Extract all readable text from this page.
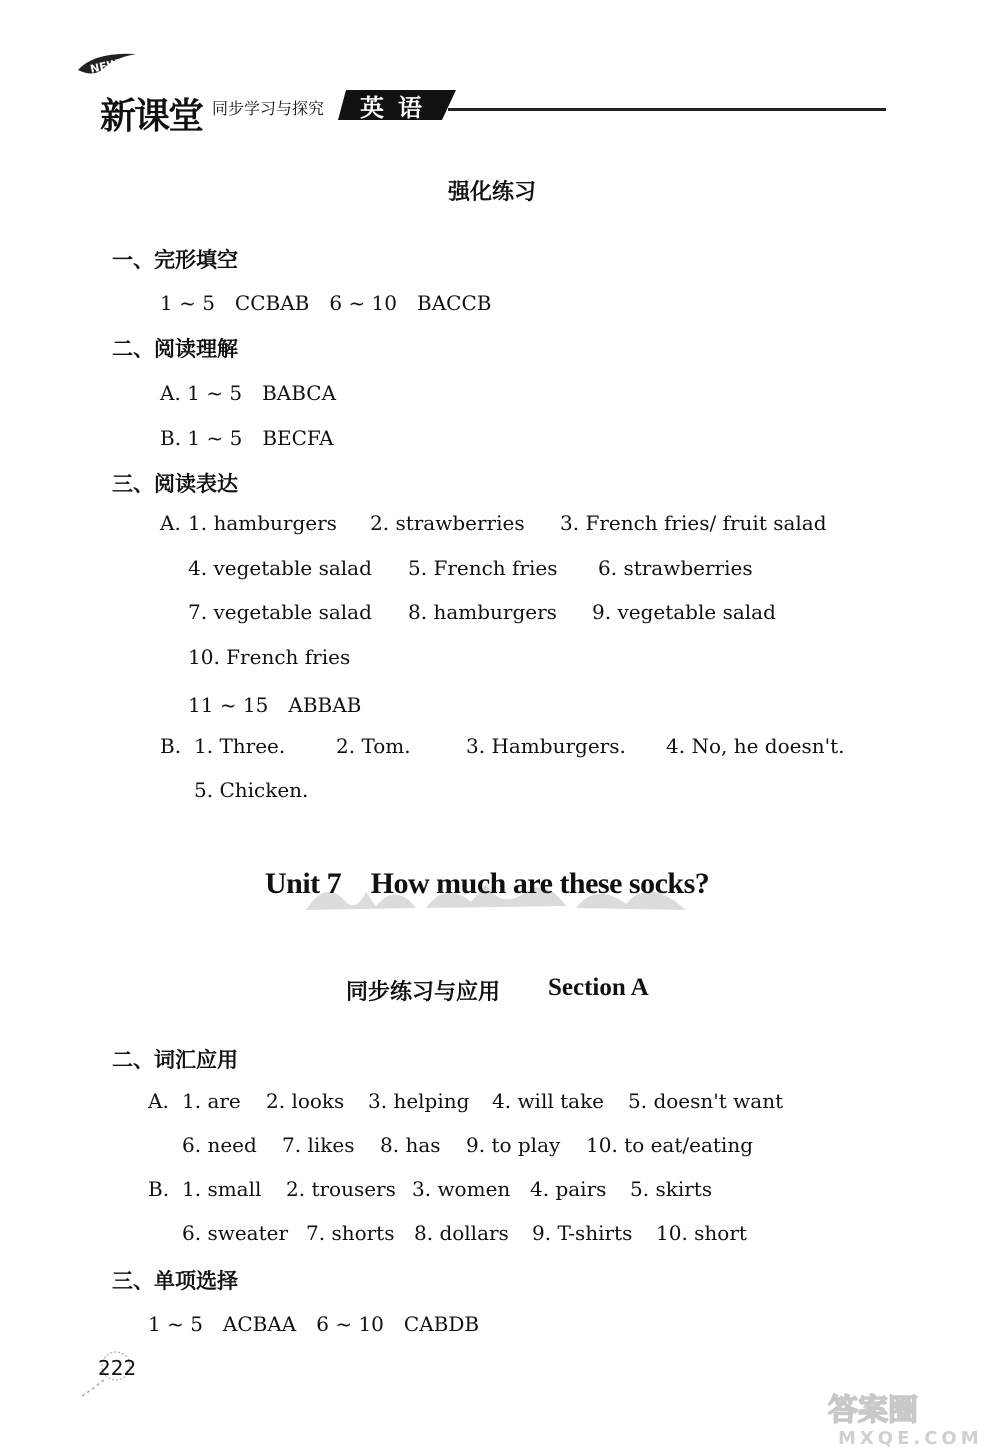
NEW
新课堂 同步学习与探究 英语
强化练习
一、完形填空
1 ~ 5　CCBAB　6 ~ 10　BACCB
二、阅读理解
A. 1 ~ 5　BABCA
B. 1 ~ 5　BECFA
三、阅读表达
A. 1. hamburgers 2. strawberries 3. French fries/ fruit salad
4. vegetable salad 5. French fries 6. strawberries
7. vegetable salad 8. hamburgers 9. vegetable salad
10. French fries
11 ~ 15　ABBAB
B. 1. Three.	2. Tom.	3. Hamburgers. 4. No, he doesn't.
5. Chicken.
Unit 7　How much are these socks?
同步练习与应用 Section A
二、词汇应用
A. 1. are 2. looks 3. helping 4. will take 5. doesn't want
6. need 7. likes 8. has 9. to play 10. to eat/eating
B. 1. small 2. trousers 3. women 4. pairs 5. skirts
6. sweater 7. shorts 8. dollars 9. T-shirts 10. short
三、单项选择
1 ~ 5　ACBAA　6 ~ 10　CABDB
222
答案圈
MXQE.COM
